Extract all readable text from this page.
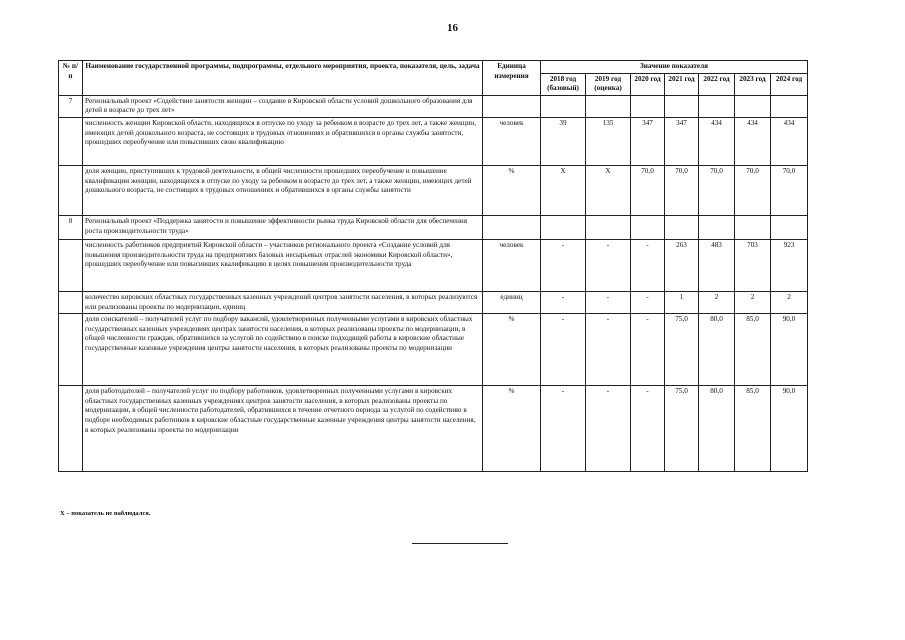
16
№ п/п	Наименование государственной программы, подпрограммы, отдельного мероприятия, проекта, показателя, цель, задача	Единица измерения	Значение показателя						
			2018 год (базовый)	2019 год (оценка)	2020 год	2021 год	2022 год	2023 год	2024 год
7	Региональный проект «Содействие занятости женщин – создание в Кировской области условий дошкольного образования для детей в возрасте до трех лет»								
	численность женщин Кировской области, находящихся в отпуске по уходу за ребенком в возрасте до трех лет, а также женщин, имеющих детей дошкольного возраста, не состоящих в трудовых отношениях и обратившихся в органы службы занятости, прошедших переобучение или повысивших свою квалификацию	человек	39	135	347	347	434	434	434
	доля женщин, приступивших к трудовой деятельности, в общей численности прошедших переобучение и повышение квалификации женщин, находящихся в отпуске по уходу за ребенком в возрасте до трех лет, а также женщин, имеющих детей дошкольного возраста, не состоящих в трудовых отношениях и обратившихся в органы службы занятости	%	Х	Х	70,0	70,0	70,0	70,0	70,0
8	Региональный проект «Поддержка занятости и повышение эффективности рынка труда Кировской области для обеспечения роста производительности труда»								
	численность работников предприятий Кировской области – участников регионального проекта «Создание условий для повышения производительности труда на предприятиях базовых несырьевых отраслей экономики Кировской области», прошедших переобучение или повысивших квалификацию в целях повышения производительности труда	человек	-	-	-	263	483	703	923
	количество кировских областных государственных казенных учреждений центров занятости населения, в которых реализуются или реализованы проекты по модернизации, единиц	единиц	-	-	-	1	2	2	2
	доля соискателей – получателей услуг по подбору вакансий, удовлетворенных полученными услугами в кировских областных государственных казенных учреждениях центрах занятости населения, в которых реализованы проекты по модернизации, в общей численности граждан, обратившихся за услугой по содействию в поиске подходящей работы в кировские областные государственные казенные учреждения центры занятости населения, в которых реализованы проекты по модернизации	%	-	-	-	75,0	80,0	85,0	90,0
	доля работодателей – получателей услуг по подбору работников, удовлетворенных полученными услугами в кировских областных государственных казенных учреждениях центров занятости населения, в которых реализованы проекты по модернизации, в общей численности работодателей, обратившихся в течение отчетного периода за услугой по содействию в подборе необходимых работников в кировские областные государственные казенные учреждения центры занятости населения, в которых реализованы проекты по модернизации	%	-	-	-	75,0	80,0	85,0	90,0
Х – показатель не наблюдался.
